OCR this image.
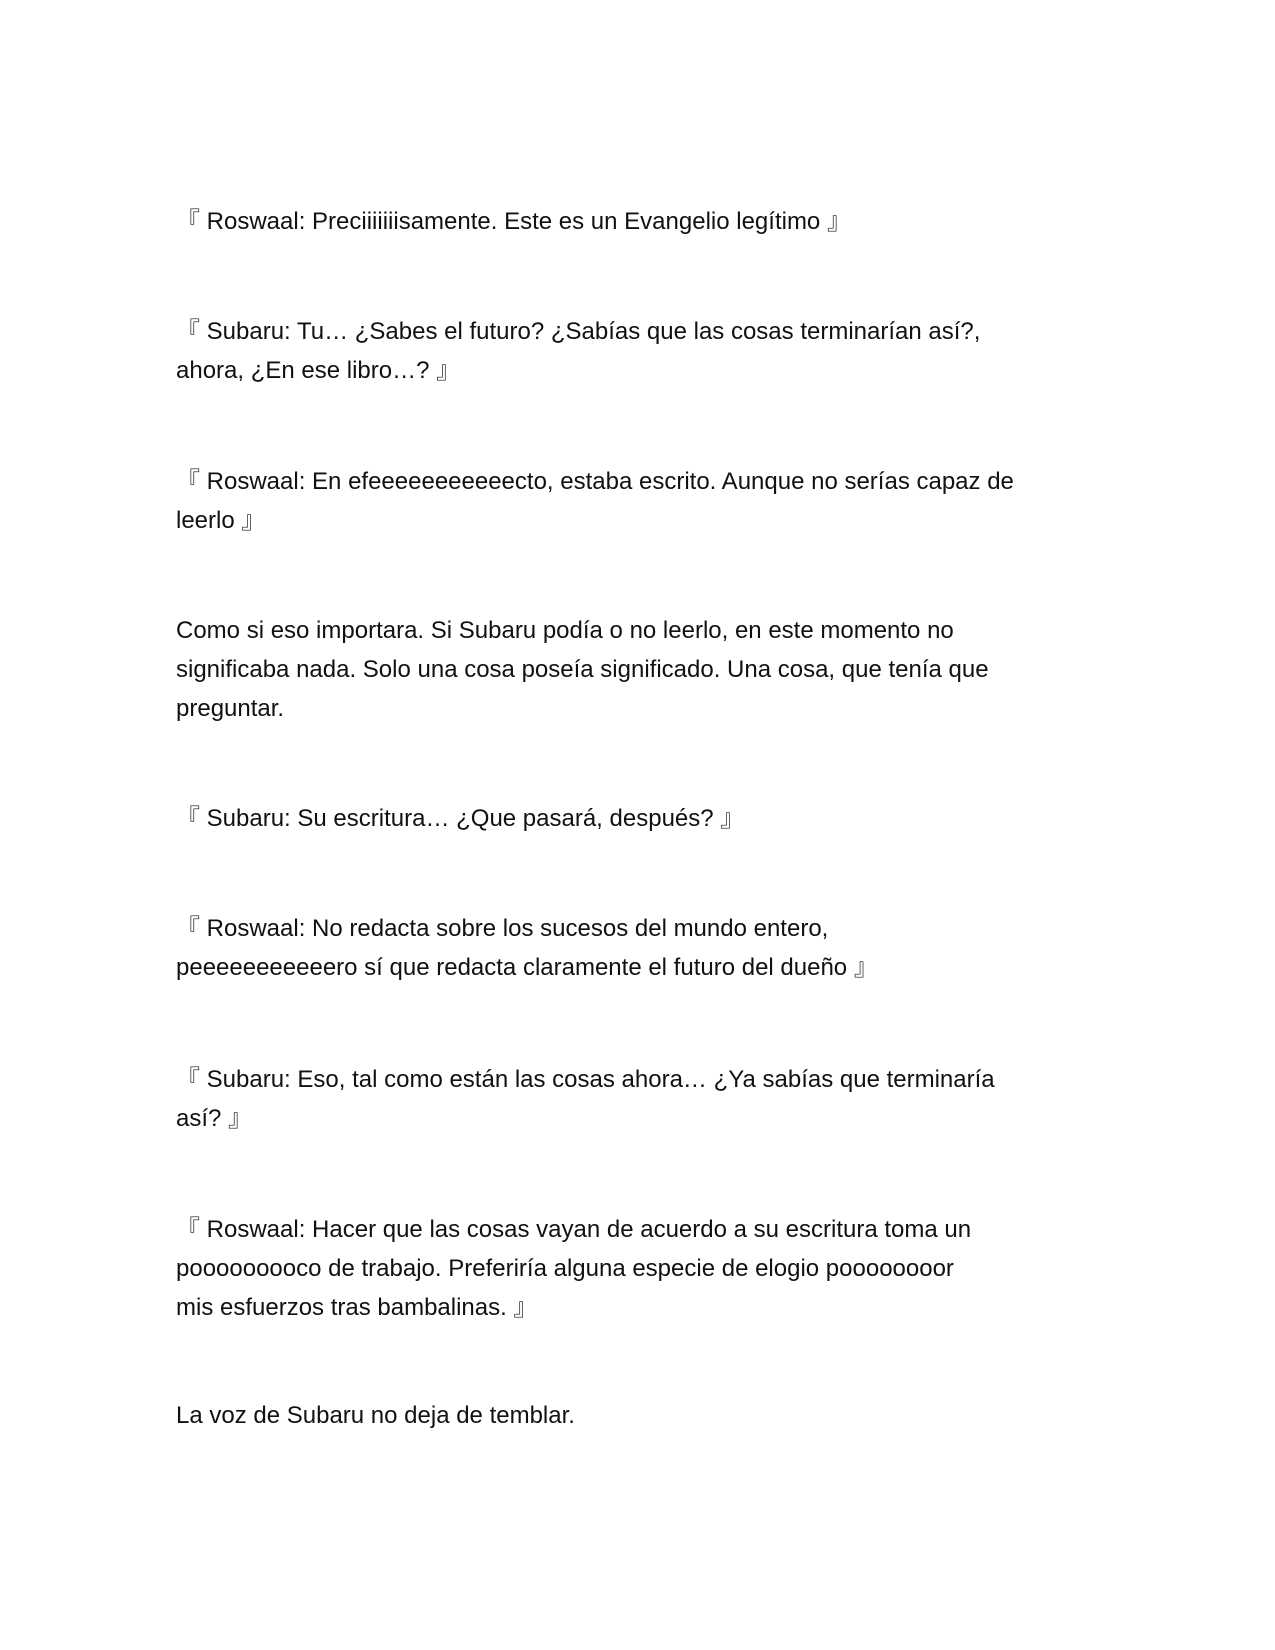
『 Roswaal: Preciiiiiiisamente. Este es un Evangelio legítimo 』

『 Subaru: Tu… ¿Sabes el futuro? ¿Sabías que las cosas terminarían así?,
ahora, ¿En ese libro…? 』

『 Roswaal: En efeeeeeeeeeeecto, estaba escrito. Aunque no serías capaz de
leerlo 』

Como si eso importara. Si Subaru podía o no leerlo, en este momento no
significaba nada. Solo una cosa poseía significado. Una cosa, que tenía que
preguntar.

『 Subaru: Su escritura… ¿Que pasará, después? 』

『 Roswaal: No redacta sobre los sucesos del mundo entero,
peeeeeeeeeeero sí que redacta claramente el futuro del dueño 』

『 Subaru: Eso, tal como están las cosas ahora… ¿Ya sabías que terminaría
así? 』

『 Roswaal: Hacer que las cosas vayan de acuerdo a su escritura toma un
pooooooooco de trabajo. Preferiría alguna especie de elogio poooooooor
mis esfuerzos tras bambalinas. 』

La voz de Subaru no deja de temblar.
